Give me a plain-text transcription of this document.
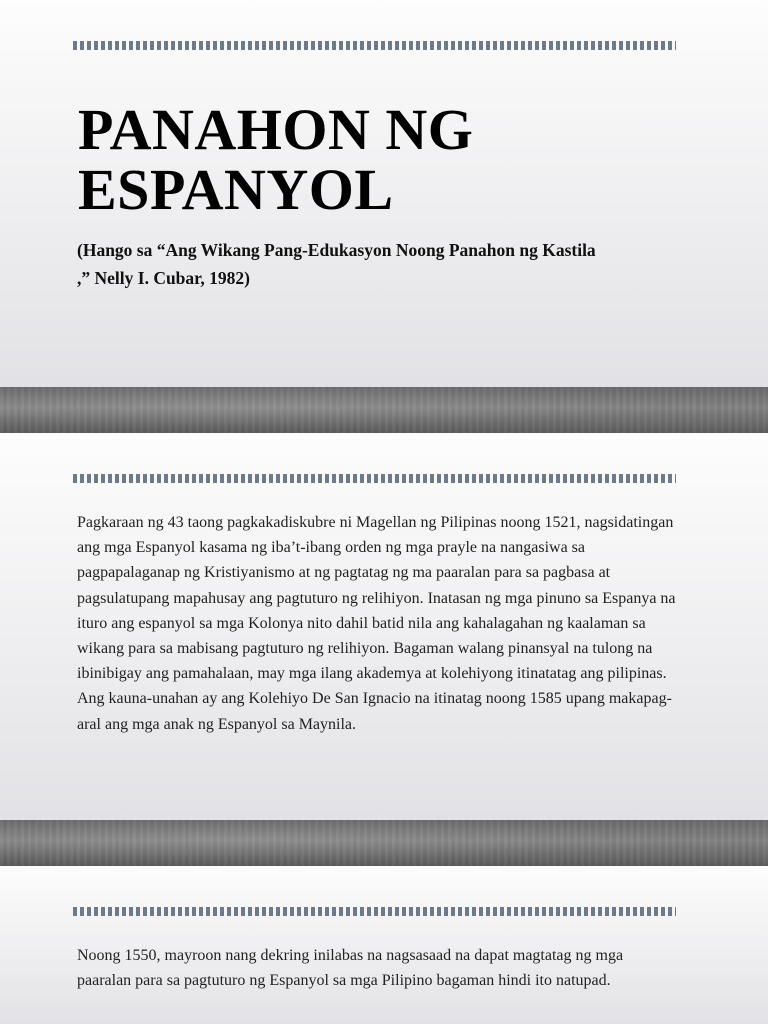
PANAHON NG ESPANYOL

(Hango sa “Ang Wikang Pang-Edukasyon Noong Panahon ng Kastila ,” Nelly I. Cubar, 1982)

Pagkaraan ng 43 taong pagkakadiskubre ni Magellan ng Pilipinas noong 1521, nagsidatingan ang mga Espanyol kasama ng iba’t-ibang orden ng mga prayle na nangasiwa sa pagpapalaganap ng Kristiyanismo at ng pagtatag ng ma paaralan para sa pagbasa at pagsulatupang mapahusay ang pagtuturo ng relihiyon. Inatasan ng mga pinuno sa Espanya na ituro ang espanyol sa mga Kolonya nito dahil batid nila ang kahalagahan ng kaalaman sa wikang para sa mabisang pagtuturo ng relihiyon. Bagaman walang pinansyal na tulong na ibinibigay ang pamahalaan, may mga ilang akademya at kolehiyong itinatatag ang pilipinas. Ang kauna-unahan ay ang Kolehiyo De San Ignacio na itinatag noong 1585 upang makapag-aral ang mga anak ng Espanyol sa Maynila.

Noong 1550, mayroon nang dekring inilabas na nagsasaad na dapat magtatag ng mga paaralan para sa pagtuturo ng Espanyol sa mga Pilipino bagaman hindi ito natupad.
